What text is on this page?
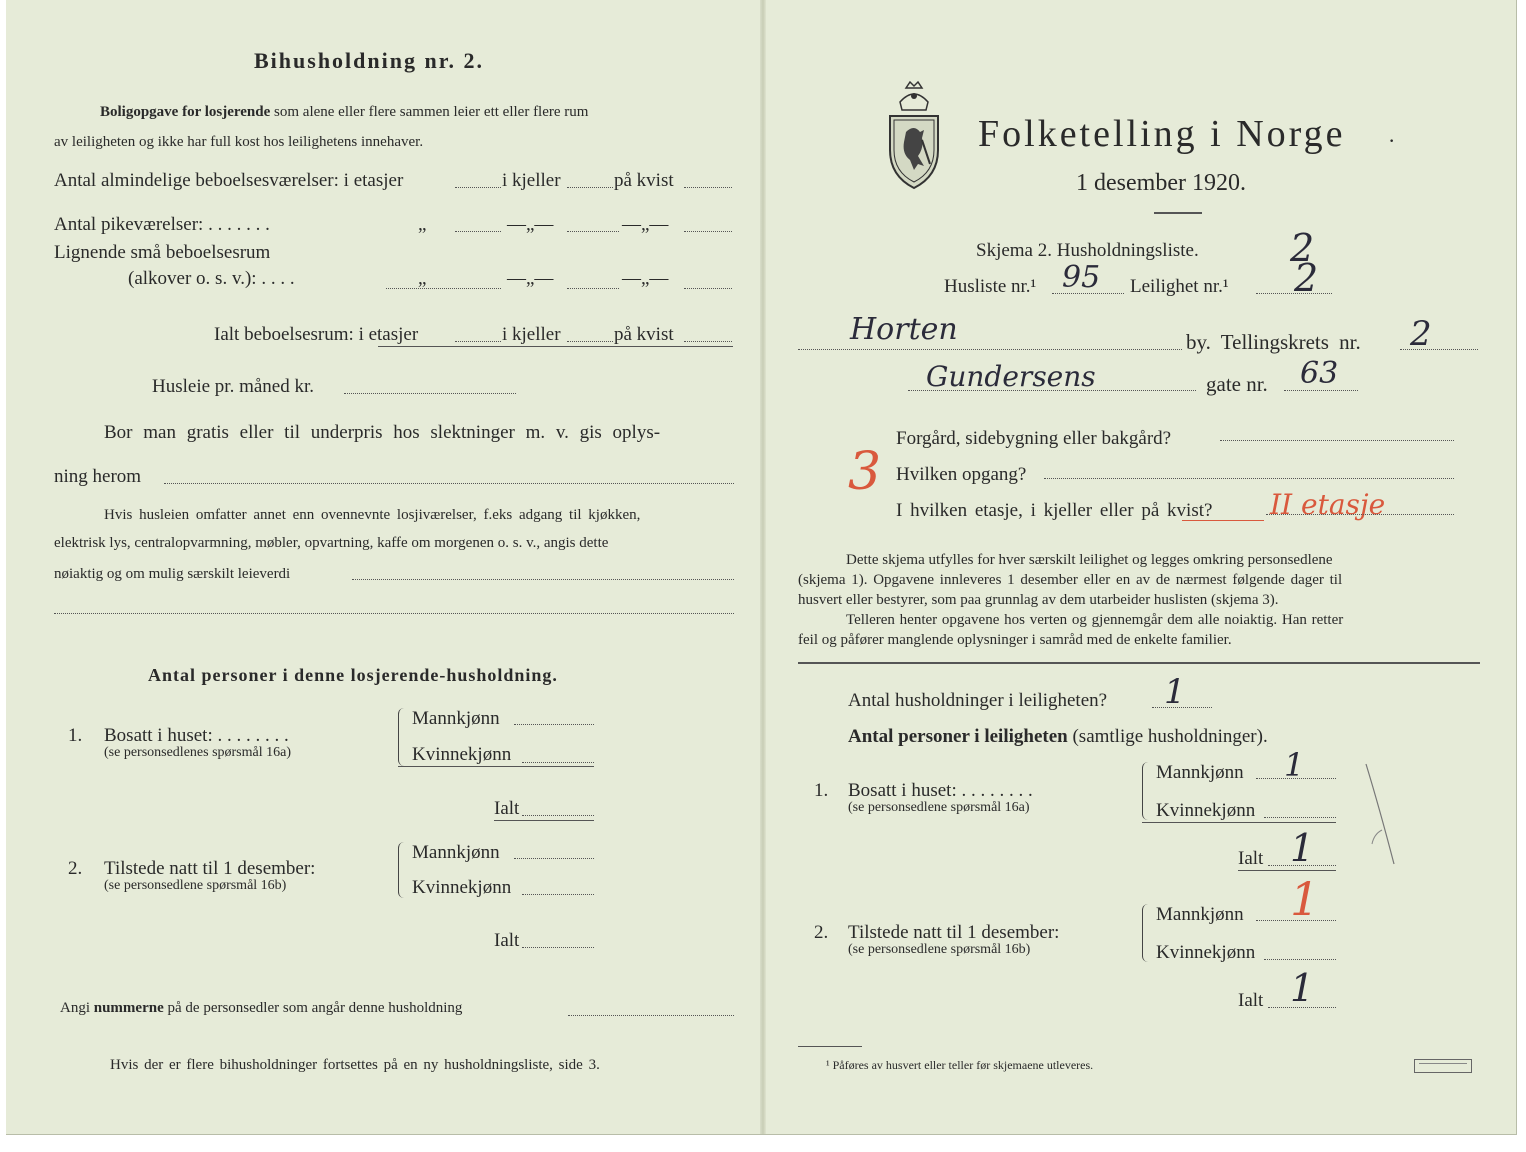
Bihusholdning nr. 2.
Boligopgave for losjerende som alene eller flere sammen leier ett eller flere rum
av leiligheten og ikke har full kost hos leilighetens innehaver.
Antal almindelige beboelsesværelser: i etasjer	i kjeller	på kvist
Antal pikeværelser: . . . . . . .	„	—„—	—„—
Lignende små beboelsesrum
(alkover o. s. v.): . . . .	„	—„—	—„—
Ialt beboelsesrum: i etasjer	i kjeller	på kvist
Husleie pr. måned kr.
Bor man gratis eller til underpris hos slektninger m. v. gis oplys-
ning herom
Hvis husleien omfatter annet enn ovennevnte losjiværelser, f.eks adgang til kjøkken,
elektrisk lys, centralopvarmning, møbler, opvartning, kaffe om morgenen o. s. v., angis dette
nøiaktig og om mulig særskilt leieverdi
Antal personer i denne losjerende-husholdning.
1. Bosatt i huset: . . . . . . . .
(se personsedlenes spørsmål 16a)
Mannkjønn
Kvinnekjønn
Ialt
2. Tilstede natt til 1 desember:
(se personsedlene spørsmål 16b)
Mannkjønn
Kvinnekjønn
Ialt
Angi nummerne på de personsedler som angår denne husholdning
Hvis der er flere bihusholdninger fortsettes på en ny husholdningsliste, side 3.
Folketelling i Norge ·
1 desember 1920.
Skjema 2. Husholdningsliste. 2
Husliste nr.¹ 95 Leilighet nr.¹ 2
Horten	by. Tellingskrets nr. 2
Gundersens	gate nr. 63
Forgård, sidebygning eller bakgård?
3 Hvilken opgang?
I hvilken etasje, i kjeller eller på kvist? II etasje
Dette skjema utfylles for hver særskilt leilighet og legges omkring personsedlene
(skjema 1). Opgavene innleveres 1 desember eller en av de nærmest følgende dager til
husvert eller bestyrer, som paa grunnlag av dem utarbeider huslisten (skjema 3).
Telleren henter opgavene hos verten og gjennemgår dem alle noiaktig. Han retter
feil og påfører manglende oplysninger i samråd med de enkelte familier.
Antal husholdninger i leiligheten? 1
Antal personer i leiligheten (samtlige husholdninger).
1. Bosatt i huset: . . . . . . . .
(se personsedlene spørsmål 16a)
Mannkjønn 1
Kvinnekjønn
Ialt 1
2. Tilstede natt til 1 desember:
(se personsedlene spørsmål 16b)
Mannkjønn 1
Kvinnekjønn
Ialt 1
¹ Påføres av husvert eller teller før skjemaene utleveres.
